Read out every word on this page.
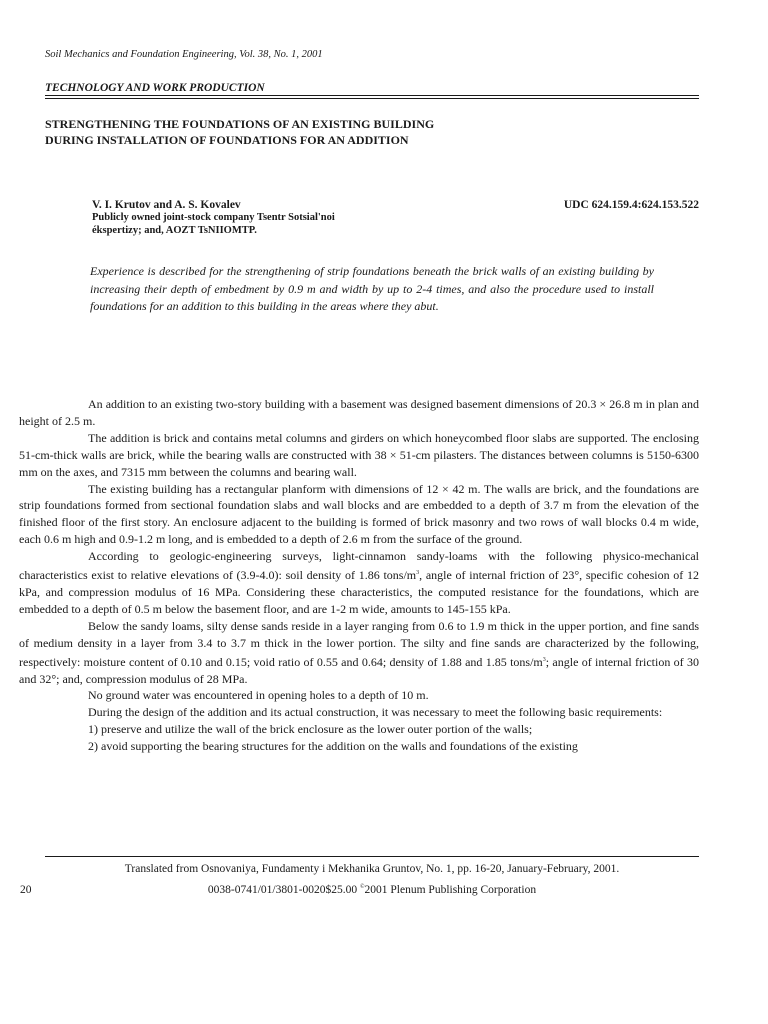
Soil Mechanics and Foundation Engineering, Vol. 38, No. 1, 2001
TECHNOLOGY AND WORK PRODUCTION
STRENGTHENING THE FOUNDATIONS OF AN EXISTING BUILDING
DURING INSTALLATION OF FOUNDATIONS FOR AN ADDITION
V. I. Krutov and A. S. Kovalev	UDC 624.159.4:624.153.522
Publicly owned joint-stock company Tsentr Sotsial'noi
ékspertizy; and, AOZT TsNIIOMTP.
Experience is described for the strengthening of strip foundations beneath the brick walls of an existing building by increasing their depth of embedment by 0.9 m and width by up to 2-4 times, and also the procedure used to install foundations for an addition to this building in the areas where they abut.

An addition to an existing two-story building with a basement was designed basement dimensions of 20.3 × 26.8 m in plan and height of 2.5 m.

The addition is brick and contains metal columns and girders on which honeycombed floor slabs are supported. The enclosing 51-cm-thick walls are brick, while the bearing walls are constructed with 38 × 51-cm pilasters. The distances between columns is 5150-6300 mm on the axes, and 7315 mm between the columns and bearing wall.

The existing building has a rectangular planform with dimensions of 12 × 42 m. The walls are brick, and the foundations are strip foundations formed from sectional foundation slabs and wall blocks and are embedded to a depth of 3.7 m from the elevation of the finished floor of the first story. An enclosure adjacent to the building is formed of brick masonry and two rows of wall blocks 0.4 m wide, each 0.6 m high and 0.9-1.2 m long, and is embedded to a depth of 2.6 m from the surface of the ground.

According to geologic-engineering surveys, light-cinnamon sandy-loams with the following physico-mechanical characteristics exist to relative elevations of (3.9-4.0): soil density of 1.86 tons/$m^3$, angle of internal friction of 23°, specific cohesion of 12 kPa, and compression modulus of 16 MPa. Considering these characteristics, the computed resistance for the foundations, which are embedded to a depth of 0.5 m below the basement floor, and are 1-2 m wide, amounts to 145-155 kPa.

Below the sandy loams, silty dense sands reside in a layer ranging from 0.6 to 1.9 m thick in the upper portion, and fine sands of medium density in a layer from 3.4 to 3.7 m thick in the lower portion. The silty and fine sands are characterized by the following, respectively: moisture content of 0.10 and 0.15; void ratio of 0.55 and 0.64; density of 1.88 and 1.85 tons/$m^3$; angle of internal friction of 30 and 32°; and, compression modulus of 28 MPa.

No ground water was encountered in opening holes to a depth of 10 m.

During the design of the addition and its actual construction, it was necessary to meet the following basic requirements:

1) preserve and utilize the wall of the brick enclosure as the lower outer portion of the walls;

2) avoid supporting the bearing structures for the addition on the walls and foundations of the existing

Translated from Osnovaniya, Fundamenty i Mekhanika Gruntov, No. 1, pp. 16-20, January-February, 2001.
20	0038-0741/01/3801-0020$25.00 ©2001 Plenum Publishing Corporation
